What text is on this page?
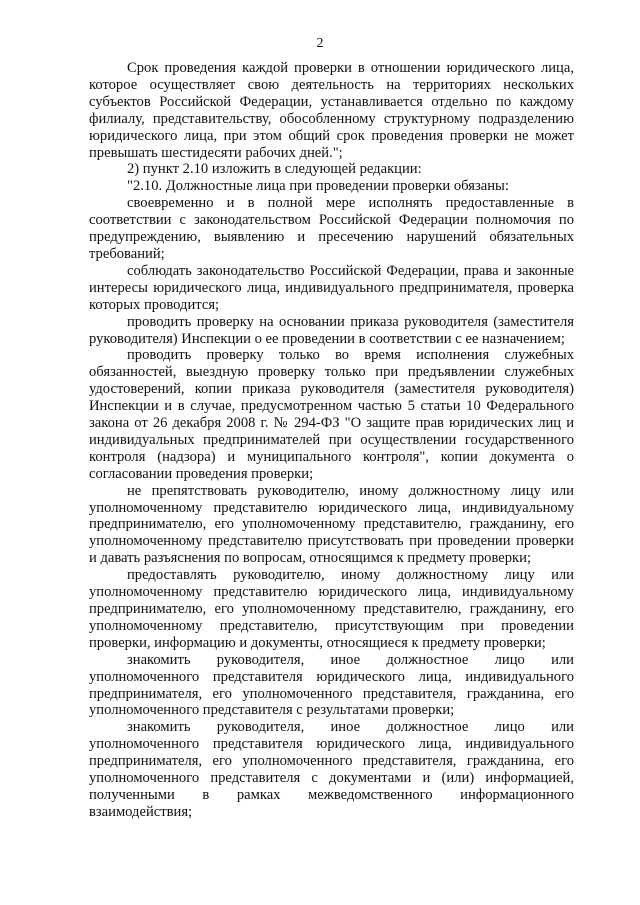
2

Срок проведения каждой проверки в отношении юридического лица, которое осуществляет свою деятельность на территориях нескольких субъектов Российской Федерации, устанавливается отдельно по каждому филиалу, представительству, обособленному структурному подразделению юридического лица, при этом общий срок проведения проверки не может превышать шестидесяти рабочих дней.";

2) пункт 2.10 изложить в следующей редакции:

"2.10. Должностные лица при проведении проверки обязаны:

своевременно и в полной мере исполнять предоставленные в соответствии с законодательством Российской Федерации полномочия по предупреждению, выявлению и пресечению нарушений обязательных требований;

соблюдать законодательство Российской Федерации, права и законные интересы юридического лица, индивидуального предпринимателя, проверка которых проводится;

проводить проверку на основании приказа руководителя (заместителя руководителя) Инспекции о ее проведении в соответствии с ее назначением;

проводить проверку только во время исполнения служебных обязанностей, выездную проверку только при предъявлении служебных удостоверений, копии приказа руководителя (заместителя руководителя) Инспекции и в случае, предусмотренном частью 5 статьи 10 Федерального закона от 26 декабря 2008 г. № 294-ФЗ "О защите прав юридических лиц и индивидуальных предпринимателей при осуществлении государственного контроля (надзора) и муниципального контроля", копии документа о согласовании проведения проверки;

не препятствовать руководителю, иному должностному лицу или уполномоченному представителю юридического лица, индивидуальному предпринимателю, его уполномоченному представителю, гражданину, его уполномоченному представителю присутствовать при проведении проверки и давать разъяснения по вопросам, относящимся к предмету проверки;

предоставлять руководителю, иному должностному лицу или уполномоченному представителю юридического лица, индивидуальному предпринимателю, его уполномоченному представителю, гражданину, его уполномоченному представителю, присутствующим при проведении проверки, информацию и документы, относящиеся к предмету проверки;

знакомить руководителя, иное должностное лицо или уполномоченного представителя юридического лица, индивидуального предпринимателя, его уполномоченного представителя, гражданина, его уполномоченного представителя с результатами проверки;

знакомить руководителя, иное должностное лицо или уполномоченного представителя юридического лица, индивидуального предпринимателя, его уполномоченного представителя, гражданина, его уполномоченного представителя с документами и (или) информацией, полученными в рамках межведомственного информационного взаимодействия;
